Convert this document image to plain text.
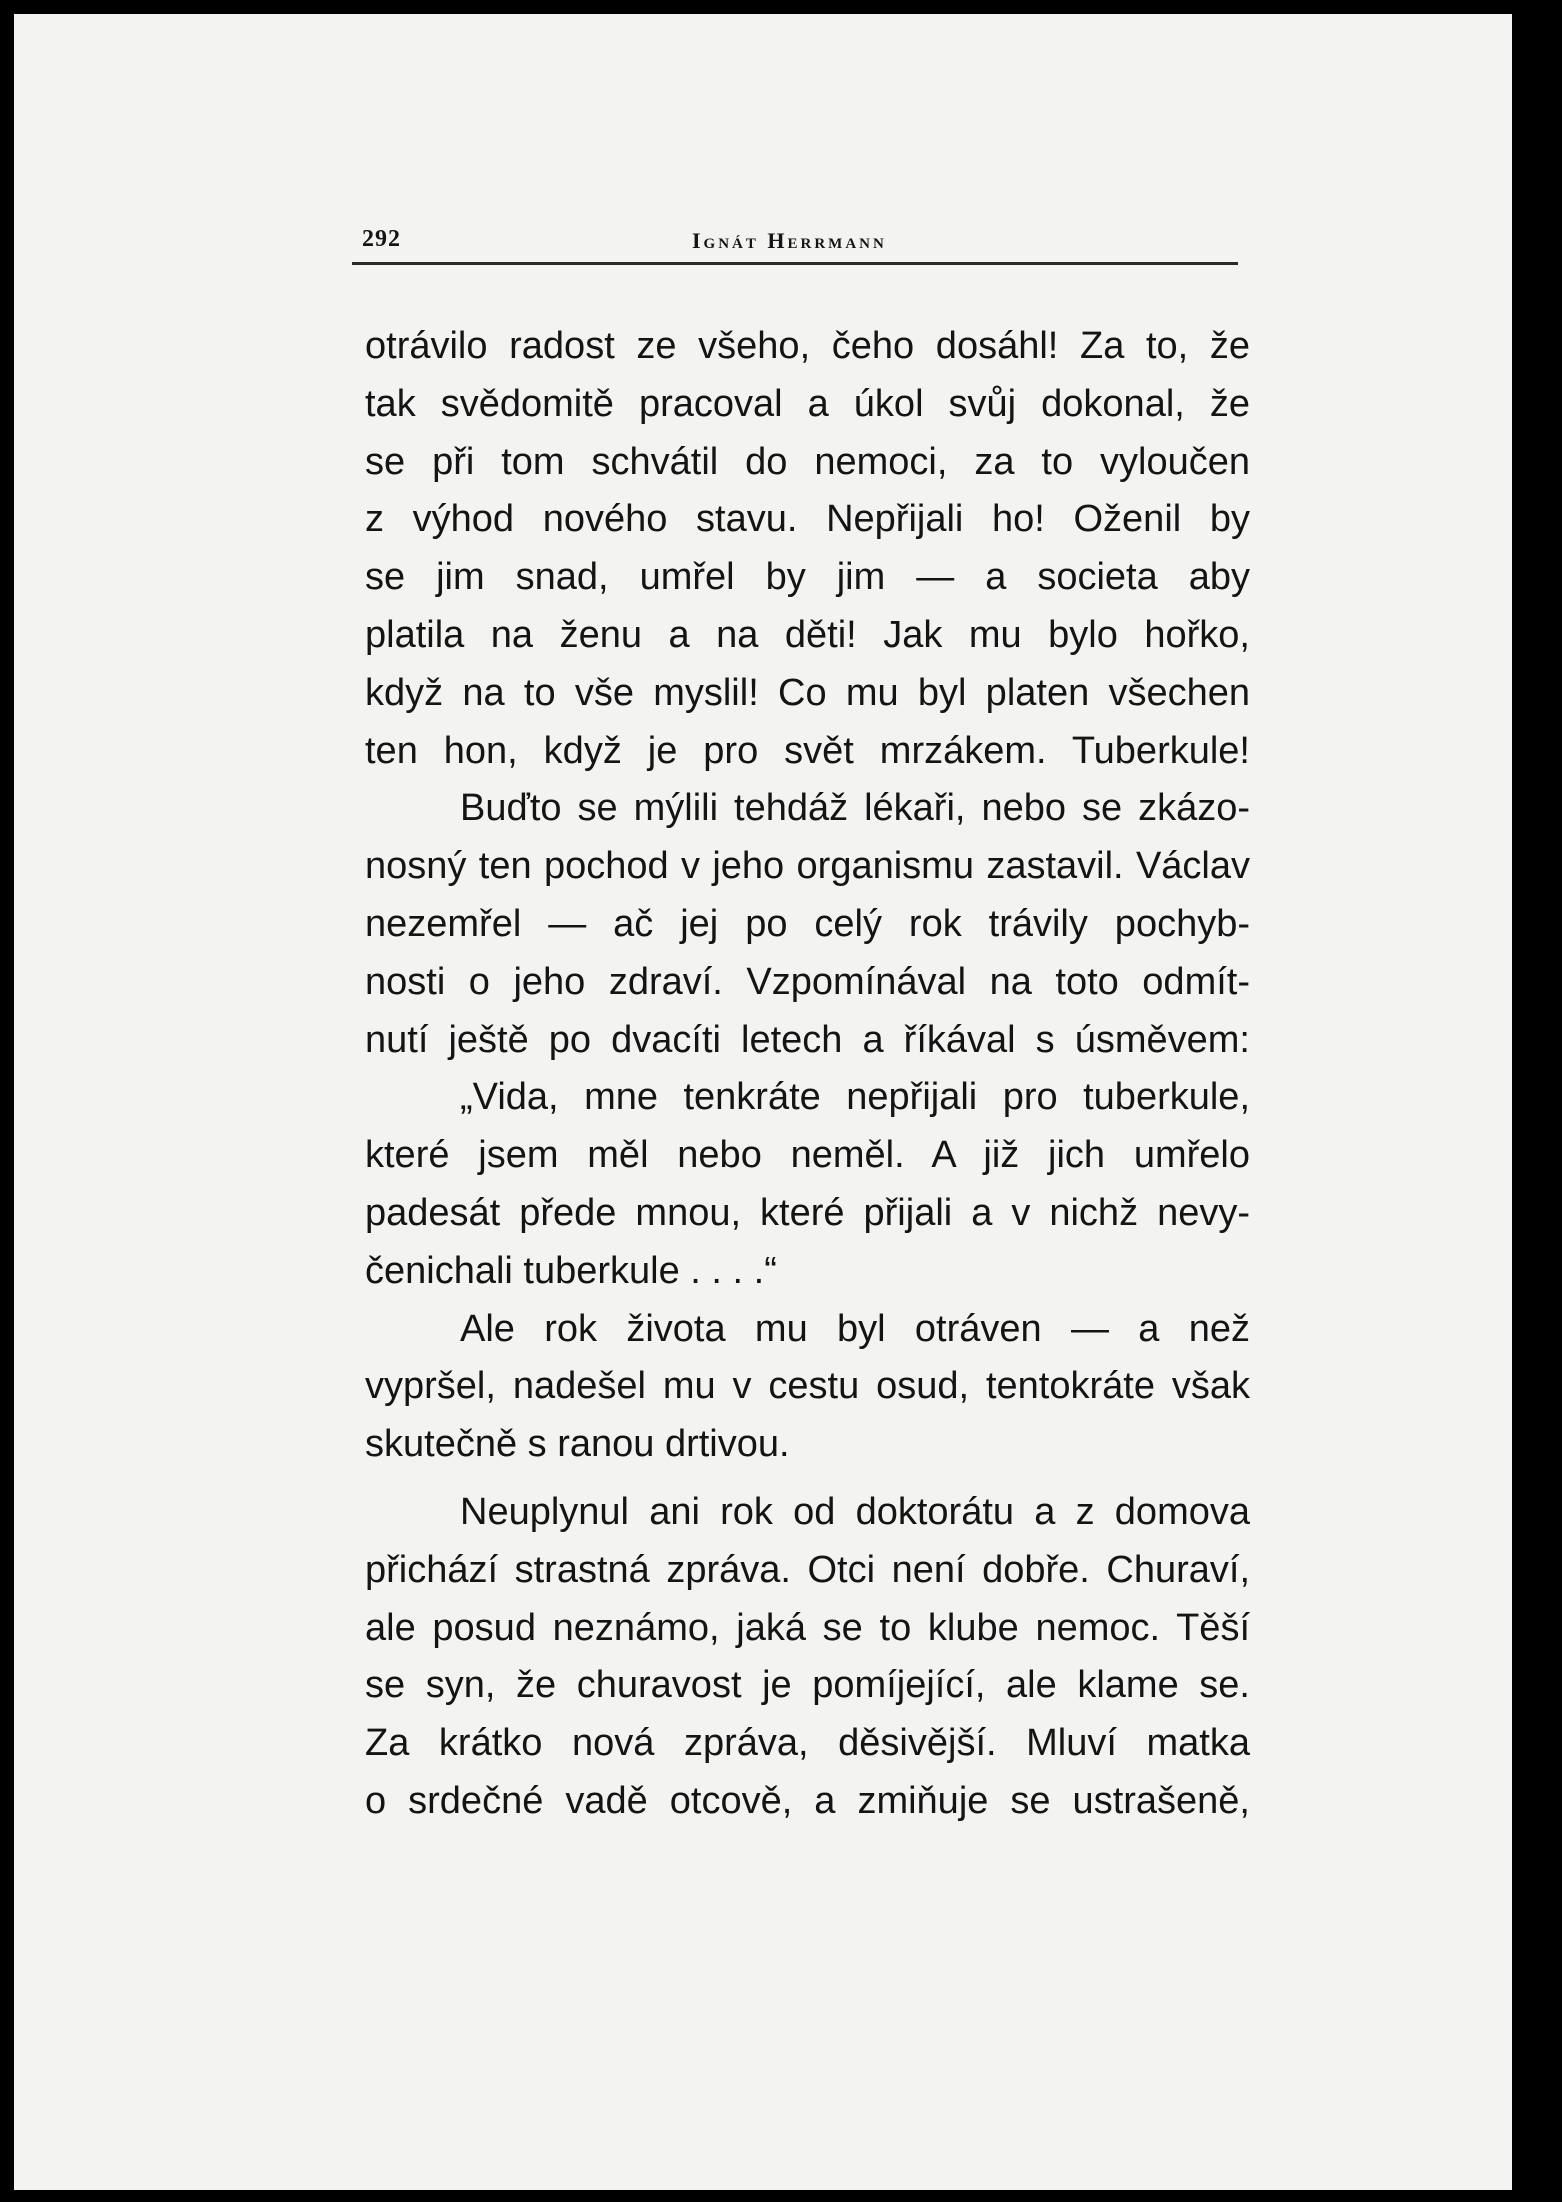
292	Ignát Herrmann
otrávilo radost ze všeho, čeho dosáhl! Za to, že
tak svědomitě pracoval a úkol svůj dokonal, že
se při tom schvátil do nemoci, za to vyloučen
z výhod nového stavu. Nepřijali ho! Oženil by
se jim snad, umřel by jim — a societa aby
platila na ženu a na děti! Jak mu bylo hořko,
když na to vše myslil! Co mu byl platen všechen
ten hon, když je pro svět mrzákem. Tuberkule!
Buďto se mýlili tehdáž lékaři, nebo se zkázo-
nosný ten pochod v jeho organismu zastavil. Václav
nezemřel — ač jej po celý rok trávily pochyb-
nosti o jeho zdraví. Vzpomínával na toto odmít-
nutí ještě po dvacíti letech a říkával s úsměvem:
„Vida, mne tenkráte nepřijali pro tuberkule,
které jsem měl nebo neměl. A již jich umřelo
padesát přede mnou, které přijali a v nichž nevy-
čenichali tuberkule . . . .“
Ale rok života mu byl otráven — a než
vypršel, nadešel mu v cestu osud, tentokráte však
skutečně s ranou drtivou.
Neuplynul ani rok od doktorátu a z domova
přichází strastná zpráva. Otci není dobře. Churaví,
ale posud neznámo, jaká se to klube nemoc. Těší
se syn, že churavost je pomíjející, ale klame se.
Za krátko nová zpráva, děsivější. Mluví matka
o srdečné vadě otcově, a zmiňuje se ustrašeně,
